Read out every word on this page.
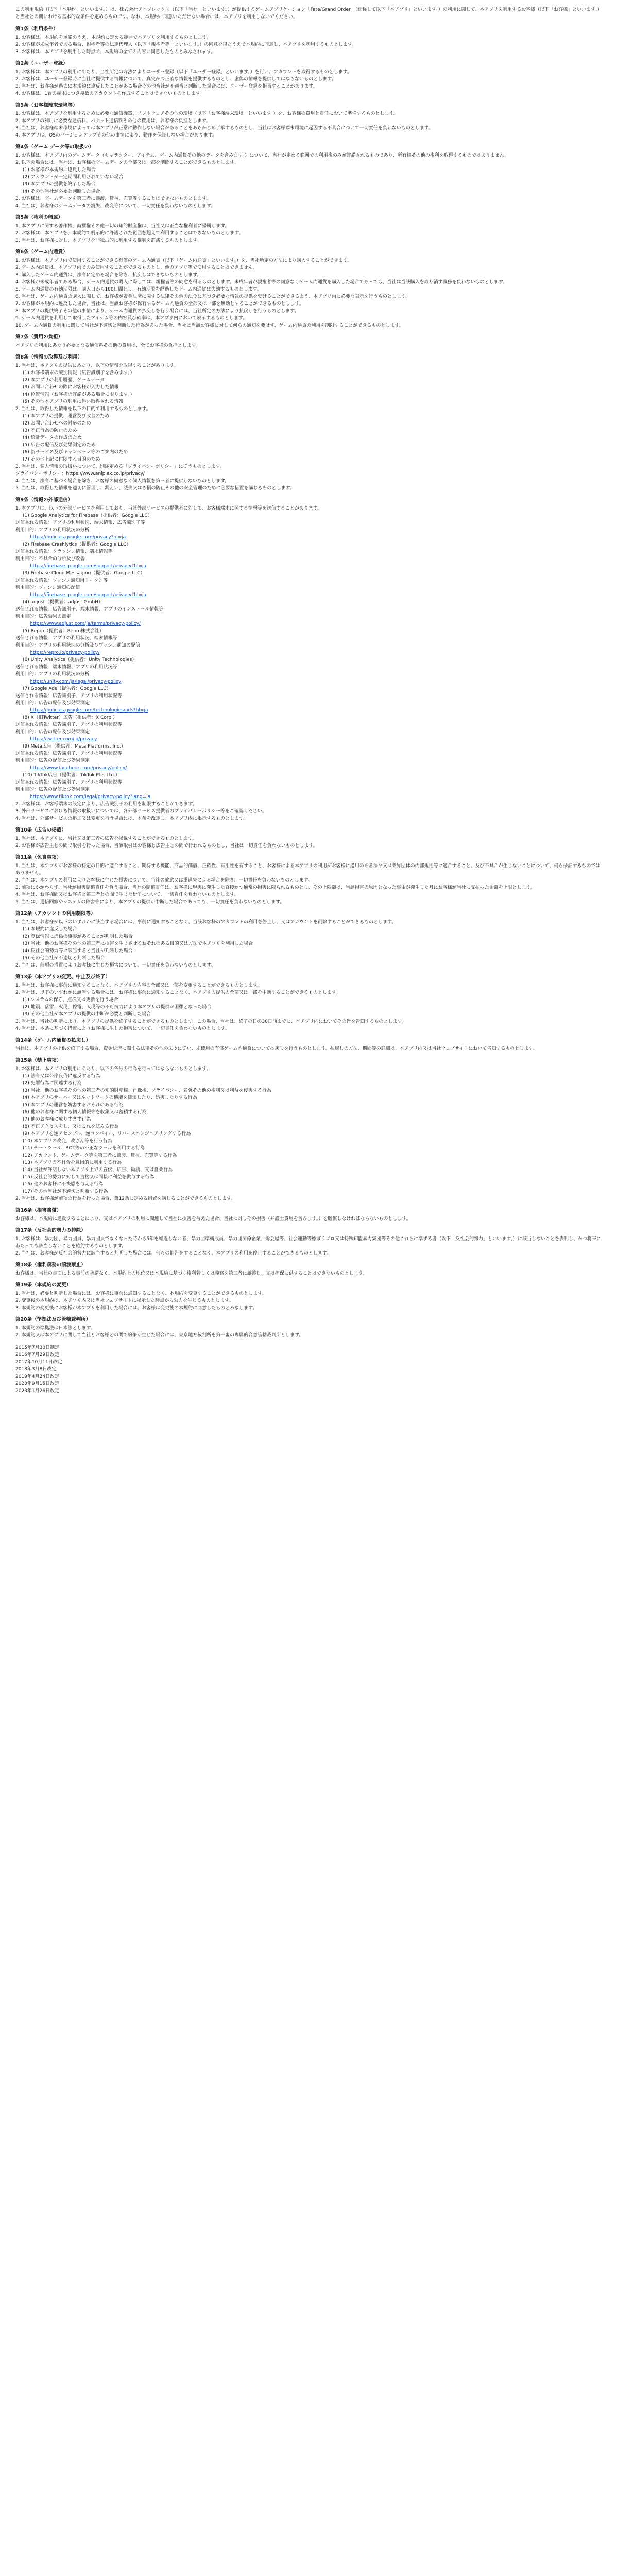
この利用規約（以下「本規約」といいます。）は、株式会社アニプレックス（以下「当社」といいます。）が提供するゲームアプリケーション「Fate/Grand Order」（総称して以下「本アプリ」といいます。）の利用に関して、本アプリを利用するお客様（以下「お客様」といいます。）と当社との間における基本的な条件を定めるものです。なお、本規約に同意いただけない場合には、本アプリを利用しないでください。

第1条（利用条件）

1. お客様は、本規約を承諾のうえ、本規約に定める範囲で本アプリを利用するものとします。

2. お客様が未成年者である場合、親権者等の法定代理人（以下「親権者等」といいます。）の同意を得たうえで本規約に同意し、本アプリを利用するものとします。

3. お客様は、本アプリを利用した時点で、本規約の全ての内容に同意したものとみなされます。

第2条（ユーザー登録）

1. お客様は、本アプリの利用にあたり、当社所定の方法によりユーザー登録（以下「ユーザー登録」といいます。）を行い、アカウントを取得するものとします。

2. お客様は、ユーザー登録時に当社に提供する情報について、真実かつ正確な情報を提供するものとし、虚偽の情報を提供してはならないものとします。

3. 当社は、お客様が過去に本規約に違反したことがある場合その他当社が不適当と判断した場合には、ユーザー登録を拒否することがあります。

4. お客様は、1台の端末につき複数のアカウントを作成することはできないものとします。

第3条（お客様端末環境等）

1. お客様は、本アプリを利用するために必要な通信機器、ソフトウェアその他の環境（以下「お客様端末環境」といいます。）を、お客様の費用と責任において準備するものとします。

2. 本アプリの利用に必要な通信料、パケット通信料その他の費用は、お客様の負担とします。

3. 当社は、お客様端末環境によっては本アプリが正常に動作しない場合があることをあらかじめ了承するものとし、当社はお客様端末環境に起因する不具合について一切責任を負わないものとします。

4. 本アプリは、OSのバージョンアップその他の事情により、動作を保証しない場合があります。

第4条（ゲーム データ等の取扱い）

1. お客様は、本アプリ内のゲームデータ（キャラクター、アイテム、ゲーム内通貨その他のデータを含みます。）について、当社が定める範囲での利用権のみが許諾されるものであり、所有権その他の権利を取得するものではありません。

2. 以下の場合には、当社は、お客様のゲームデータの全部又は一部を削除することができるものとします。

(1) お客様が本規約に違反した場合

(2) アカウントが一定期間利用されていない場合

(3) 本アプリの提供を終了した場合

(4) その他当社が必要と判断した場合

3. お客様は、ゲームデータを第三者に譲渡、貸与、売買等することはできないものとします。

4. 当社は、お客様のゲームデータの消失、改変等について、一切責任を負わないものとします。

第5条（権利の帰属）

1. 本アプリに関する著作権、商標権その他一切の知的財産権は、当社又は正当な権利者に帰属します。

2. お客様は、本アプリを、本規約で明示的に許諾された範囲を超えて利用することはできないものとします。

3. 当社は、お客様に対し、本アプリを非独占的に利用する権利を許諾するものとします。

第6条（ゲーム内通貨）

1. お客様は、本アプリ内で使用することができる有償のゲーム内通貨（以下「ゲーム内通貨」といいます。）を、当社所定の方法により購入することができます。

2. ゲーム内通貨は、本アプリ内でのみ使用することができるものとし、他のアプリ等で使用することはできません。

3. 購入したゲーム内通貨は、法令に定める場合を除き、払戻しはできないものとします。

4. お客様が未成年者である場合、ゲーム内通貨の購入に際しては、親権者等の同意を得るものとします。未成年者が親権者等の同意なくゲーム内通貨を購入した場合であっても、当社は当該購入を取り消す義務を負わないものとします。

5. ゲーム内通貨の有効期限は、購入日から180日間とし、有効期限を経過したゲーム内通貨は失効するものとします。

6. 当社は、ゲーム内通貨の購入に関して、お客様が資金決済に関する法律その他の法令に基づき必要な情報の提供を受けることができるよう、本アプリ内に必要な表示を行うものとします。

7. お客様が本規約に違反した場合、当社は、当該お客様が保有するゲーム内通貨の全部又は一部を無効とすることができるものとします。

8. 本アプリの提供終了その他の事情により、ゲーム内通貨の払戻しを行う場合には、当社所定の方法により払戻しを行うものとします。

9. ゲーム内通貨を利用して取得したアイテム等の内容及び確率は、本アプリ内において表示するものとします。

10. ゲーム内通貨の利用に関して当社が不適切と判断した行為があった場合、当社は当該お客様に対して何らの通知を要せず、ゲーム内通貨の利用を制限することができるものとします。

第7条（費用の負担）

本アプリの利用にあたり必要となる通信料その他の費用は、全てお客様の負担とします。

第8条（情報の取得及び利用）

1. 当社は、本アプリの提供にあたり、以下の情報を取得することがあります。

(1) お客様端末の識別情報（広告識別子を含みます。）

(2) 本アプリの利用履歴、ゲームデータ

(3) お問い合わせの際にお客様が入力した情報

(4) 位置情報（お客様の許諾がある場合に限ります。）

(5) その他本アプリの利用に伴い取得される情報

2. 当社は、取得した情報を以下の目的で利用するものとします。

(1) 本アプリの提供、運営及び改善のため

(2) お問い合わせへの対応のため

(3) 不正行為の防止のため

(4) 統計データの作成のため

(5) 広告の配信及び効果測定のため

(6) 新サービス及びキャンペーン等のご案内のため

(7) その他上記に付随する目的のため

3. 当社は、個人情報の取扱いについて、別途定める「プライバシーポリシー」に従うものとします。

プライバシーポリシー：https://www.aniplex.co.jp/privacy/

4. 当社は、法令に基づく場合を除き、お客様の同意なく個人情報を第三者に提供しないものとします。

5. 当社は、取得した情報を適切に管理し、漏えい、滅失又はき損の防止その他の安全管理のために必要な措置を講じるものとします。

第9条（情報の外部送信）

1. 本アプリは、以下の外部サービスを利用しており、当該外部サービスの提供者に対して、お客様端末に関する情報等を送信することがあります。

(1) Google Analytics for Firebase（提供者：Google LLC）

送信される情報：アプリの利用状況、端末情報、広告識別子等

利用目的：アプリの利用状況の分析

https://policies.google.com/privacy?hl=ja

(2) Firebase Crashlytics（提供者：Google LLC）

送信される情報：クラッシュ情報、端末情報等

利用目的：不具合の分析及び改善

https://firebase.google.com/support/privacy?hl=ja

(3) Firebase Cloud Messaging（提供者：Google LLC）

送信される情報：プッシュ通知用トークン等

利用目的：プッシュ通知の配信

https://firebase.google.com/support/privacy?hl=ja

(4) adjust（提供者：adjust GmbH）

送信される情報：広告識別子、端末情報、アプリのインストール情報等

利用目的：広告効果の測定

https://www.adjust.com/ja/terms/privacy-policy/

(5) Repro（提供者：Repro株式会社）

送信される情報：アプリの利用状況、端末情報等

利用目的：アプリの利用状況の分析及びプッシュ通知の配信

https://repro.io/privacy-policy/

(6) Unity Analytics（提供者：Unity Technologies）

送信される情報：端末情報、アプリの利用状況等

利用目的：アプリの利用状況の分析

https://unity.com/ja/legal/privacy-policy

(7) Google Ads（提供者：Google LLC）

送信される情報：広告識別子、アプリの利用状況等

利用目的：広告の配信及び効果測定

https://policies.google.com/technologies/ads?hl=ja

(8) X（旧Twitter）広告（提供者：X Corp.）

送信される情報：広告識別子、アプリの利用状況等

利用目的：広告の配信及び効果測定

https://twitter.com/ja/privacy

(9) Meta広告（提供者：Meta Platforms, Inc.）

送信される情報：広告識別子、アプリの利用状況等

利用目的：広告の配信及び効果測定

https://www.facebook.com/privacy/policy/

(10) TikTok広告（提供者：TikTok Pte. Ltd.）

送信される情報：広告識別子、アプリの利用状況等

利用目的：広告の配信及び効果測定

https://www.tiktok.com/legal/privacy-policy?lang=ja

2. お客様は、お客様端末の設定により、広告識別子の利用を制限することができます。

3. 外部サービスにおける情報の取扱いについては、各外部サービス提供者のプライバシーポリシー等をご確認ください。

4. 当社は、外部サービスの追加又は変更を行う場合には、本条を改定し、本アプリ内に掲示するものとします。

第10条（広告の掲載）

1. 当社は、本アプリに、当社又は第三者の広告を掲載することができるものとします。

2. お客様が広告主との間で取引を行った場合、当該取引はお客様と広告主との間で行われるものとし、当社は一切責任を負わないものとします。

第11条（免責事項）

1. 当社は、本アプリがお客様の特定の目的に適合すること、期待する機能、商品的価値、正確性、有用性を有すること、お客様による本アプリの利用がお客様に適用のある法令又は業界団体の内部規則等に適合すること、及び不具合が生じないことについて、何ら保証するものではありません。

2. 当社は、本アプリの利用によりお客様に生じた損害について、当社の故意又は重過失による場合を除き、一切責任を負わないものとします。

3. 前項にかかわらず、当社が損害賠償責任を負う場合、当社の賠償責任は、お客様に現実に発生した直接かつ通常の損害に限られるものとし、その上限額は、当該損害の原因となった事由が発生した月にお客様が当社に支払った金額を上限とします。

4. 当社は、お客様間又はお客様と第三者との間で生じた紛争について、一切責任を負わないものとします。

5. 当社は、通信回線やシステムの障害等により、本アプリの提供が中断した場合であっても、一切責任を負わないものとします。

第12条（アカウントの利用制限等）

1. 当社は、お客様が以下のいずれかに該当する場合には、事前に通知することなく、当該お客様のアカウントの利用を停止し、又はアカウントを削除することができるものとします。

(1) 本規約に違反した場合

(2) 登録情報に虚偽の事実があることが判明した場合

(3) 当社、他のお客様その他の第三者に損害を生じさせるおそれのある目的又は方法で本アプリを利用した場合

(4) 反社会的勢力等に該当すると当社が判断した場合

(5) その他当社が不適切と判断した場合

2. 当社は、前項の措置によりお客様に生じた損害について、一切責任を負わないものとします。

第13条（本アプリの変更、中止及び終了）

1. 当社は、お客様に事前に通知することなく、本アプリの内容の全部又は一部を変更することができるものとします。

2. 当社は、以下のいずれかに該当する場合には、お客様に事前に通知することなく、本アプリの提供の全部又は一部を中断することができるものとします。

(1) システムの保守、点検又は更新を行う場合

(2) 地震、落雷、火災、停電、天災等の不可抗力により本アプリの提供が困難となった場合

(3) その他当社が本アプリの提供の中断が必要と判断した場合

3. 当社は、当社の判断により、本アプリの提供を終了することができるものとします。この場合、当社は、終了の日の30日前までに、本アプリ内においてその旨を告知するものとします。

4. 当社は、本条に基づく措置によりお客様に生じた損害について、一切責任を負わないものとします。

第14条（ゲーム内通貨の払戻し）

当社は、本アプリの提供を終了する場合、資金決済に関する法律その他の法令に従い、未使用の有償ゲーム内通貨について払戻しを行うものとします。払戻しの方法、期間等の詳細は、本アプリ内又は当社ウェブサイトにおいて告知するものとします。

第15条（禁止事項）

1. お客様は、本アプリの利用にあたり、以下の各号の行為を行ってはならないものとします。

(1) 法令又は公序良俗に違反する行為

(2) 犯罪行為に関連する行為

(3) 当社、他のお客様その他の第三者の知的財産権、肖像権、プライバシー、名誉その他の権利又は利益を侵害する行為

(4) 本アプリのサーバー又はネットワークの機能を破壊したり、妨害したりする行為

(5) 本アプリの運営を妨害するおそれのある行為

(6) 他のお客様に関する個人情報等を収集又は蓄積する行為

(7) 他のお客様に成りすます行為

(8) 不正アクセスをし、又はこれを試みる行為

(9) 本アプリを逆アセンブル、逆コンパイル、リバースエンジニアリングする行為

(10) 本アプリの改変、改ざん等を行う行為

(11) チートツール、BOT等の不正なツールを利用する行為

(12) アカウント、ゲームデータ等を第三者に譲渡、貸与、売買等する行為

(13) 本アプリの不具合を意図的に利用する行為

(14) 当社が許諾しない本アプリ上での宣伝、広告、勧誘、又は営業行為

(15) 反社会的勢力に対して直接又は間接に利益を供与する行為

(16) 他のお客様に不快感を与える行為

(17) その他当社が不適切と判断する行為

2. 当社は、お客様が前項の行為を行った場合、第12条に定める措置を講じることができるものとします。

第16条（損害賠償）

お客様は、本規約に違反することにより、又は本アプリの利用に関連して当社に損害を与えた場合、当社に対しその損害（弁護士費用を含みます。）を賠償しなければならないものとします。

第17条（反社会的勢力の排除）

1. お客様は、暴力団、暴力団員、暴力団員でなくなった時から5年を経過しない者、暴力団準構成員、暴力団関係企業、総会屋等、社会運動等標ぼうゴロ又は特殊知能暴力集団等その他これらに準ずる者（以下「反社会的勢力」といいます。）に該当しないことを表明し、かつ将来にわたっても該当しないことを確約するものとします。

2. 当社は、お客様が反社会的勢力に該当すると判明した場合には、何らの催告をすることなく、本アプリの利用を停止することができるものとします。

第18条（権利義務の譲渡禁止）

お客様は、当社の書面による事前の承諾なく、本規約上の地位又は本規約に基づく権利若しくは義務を第三者に譲渡し、又は担保に供することはできないものとします。

第19条（本規約の変更）

1. 当社は、必要と判断した場合には、お客様に事前に通知することなく、本規約を変更することができるものとします。

2. 変更後の本規約は、本アプリ内又は当社ウェブサイトに掲示した時点から効力を生じるものとします。

3. 本規約の変更後にお客様が本アプリを利用した場合には、お客様は変更後の本規約に同意したものとみなします。

第20条（準拠法及び管轄裁判所）

1. 本規約の準拠法は日本法とします。

2. 本規約又は本アプリに関して当社とお客様との間で紛争が生じた場合には、東京地方裁判所を第一審の専属的合意管轄裁判所とします。

2015年7月30日制定
2016年7月29日改定
2017年10月11日改定
2018年3月8日改定
2019年4月24日改定
2020年9月15日改定
2023年1月26日改定
